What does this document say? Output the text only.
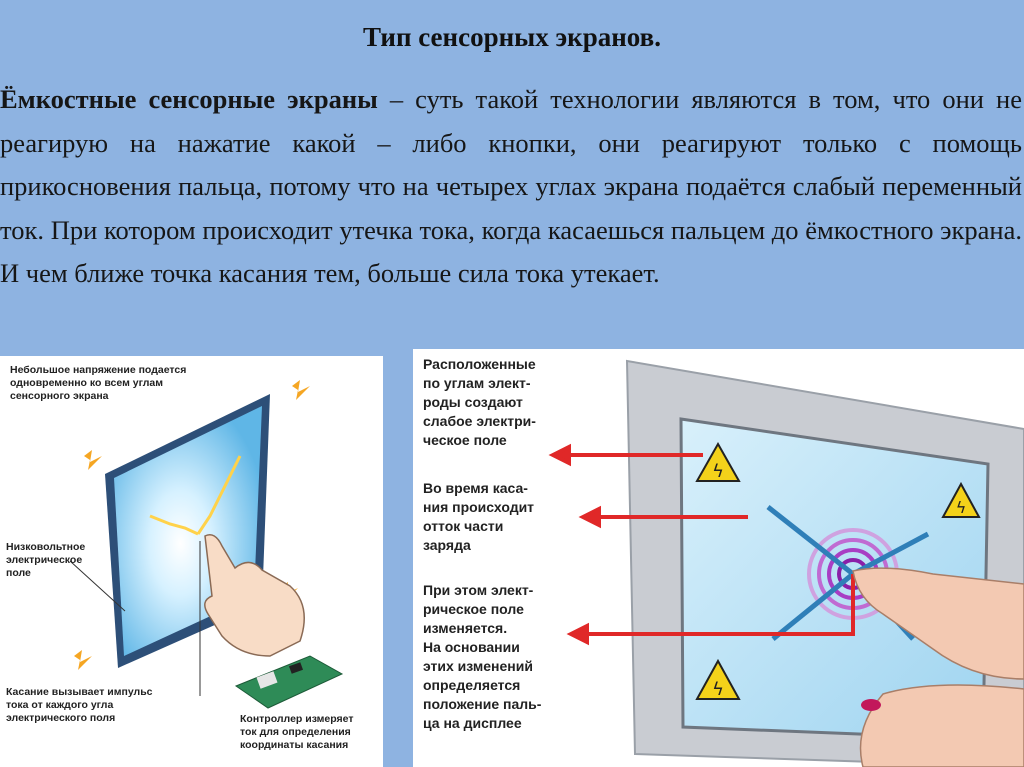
Тип сенсорных экранов.
Ёмкостные сенсорные экраны – суть такой технологии являются в том, что они не реагирую на нажатие какой – либо кнопки, они реагируют только с помощь прикосновения пальца, потому что на четырех углах экрана подаётся слабый переменный ток. При котором происходит утечка тока, когда касаешься пальцем до ёмкостного экрана. И чем ближе точка касания тем, больше сила тока утекает.
Небольшое напряжение подается
одновременно ко всем углам
сенсорного экрана
Низковольтное
электрическое
поле
Касание вызывает импульс
тока от каждого угла
электрического поля	Контроллер измеряет
ток для определения
координаты касания
ϟ
ϟ
ϟ
Расположенные
по углам элект-
роды создают
слабое электри-
ческое поле
Во время каса-
ния происходит
отток части
заряда
При этом элект-
рическое поле
изменяется.
На основании
этих изменений
определяется
положение паль-
ца на дисплее
